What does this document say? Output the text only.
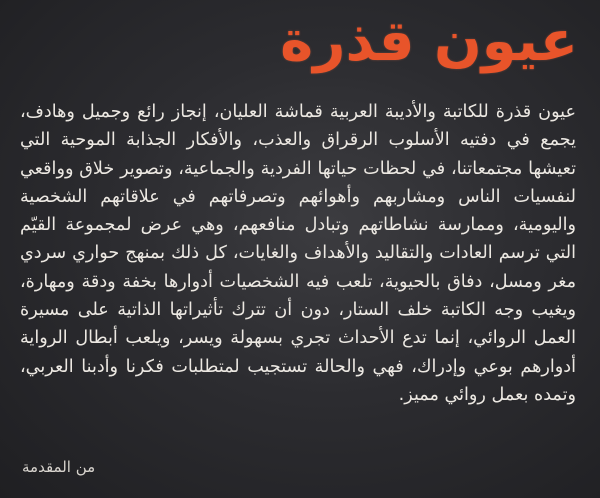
عيون قذرة

عيون قذرة للكاتبة والأديبة العربية قماشة العليان، إنجاز رائع وجميل وهادف، يجمع في دفتيه الأسلوب الرقراق والعذب، والأفكار الجذابة الموحية التي تعيشها مجتمعاتنا، في لحظات حياتها الفردية والجماعية، وتصوير خلاق وواقعي لنفسيات الناس ومشاربهم وأهوائهم وتصرفاتهم في علاقاتهم الشخصية واليومية، وممارسة نشاطاتهم وتبادل منافعهم، وهي عرض لمجموعة القيّم التي ترسم العادات والتقاليد والأهداف والغايات، كل ذلك بمنهج حواري سردي مغر ومسل، دفاق بالحيوية، تلعب فيه الشخصيات أدوارها بخفة ودقة ومهارة، ويغيب وجه الكاتبة خلف الستار، دون أن تترك تأثيراتها الذاتية على مسيرة العمل الروائي، إنما تدع الأحداث تجري بسهولة ويسر، ويلعب أبطال الرواية أدوارهم بوعي وإدراك، فهي والحالة تستجيب لمتطلبات فكرنا وأدبنا العربي، وتمده بعمل روائي مميز.

من المقدمة
